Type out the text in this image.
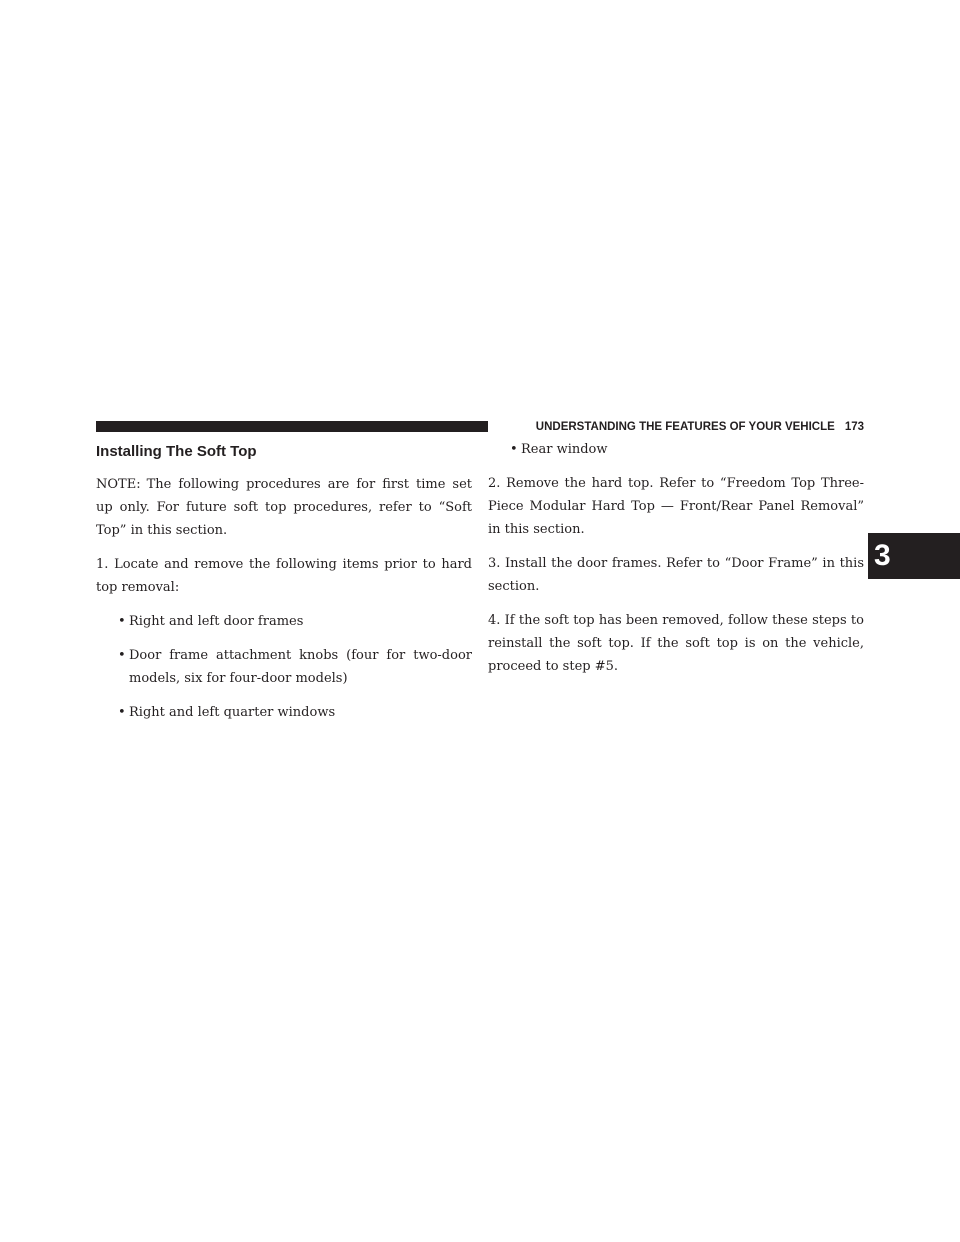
UNDERSTANDING THE FEATURES OF YOUR VEHICLE 173
3
Installing The Soft Top

NOTE: The following procedures are for first time set up only. For future soft top procedures, refer to “Soft Top” in this section.

1. Locate and remove the following items prior to hard top removal:

• Right and left door frames
• Door frame attachment knobs (four for two-door models, six for four-door models)
• Right and left quarter windows
• Rear window

2. Remove the hard top. Refer to “Freedom Top Three-Piece Modular Hard Top — Front/Rear Panel Removal” in this section.

3. Install the door frames. Refer to “Door Frame” in this section.

4. If the soft top has been removed, follow these steps to reinstall the soft top. If the soft top is on the vehicle, proceed to step #5.
